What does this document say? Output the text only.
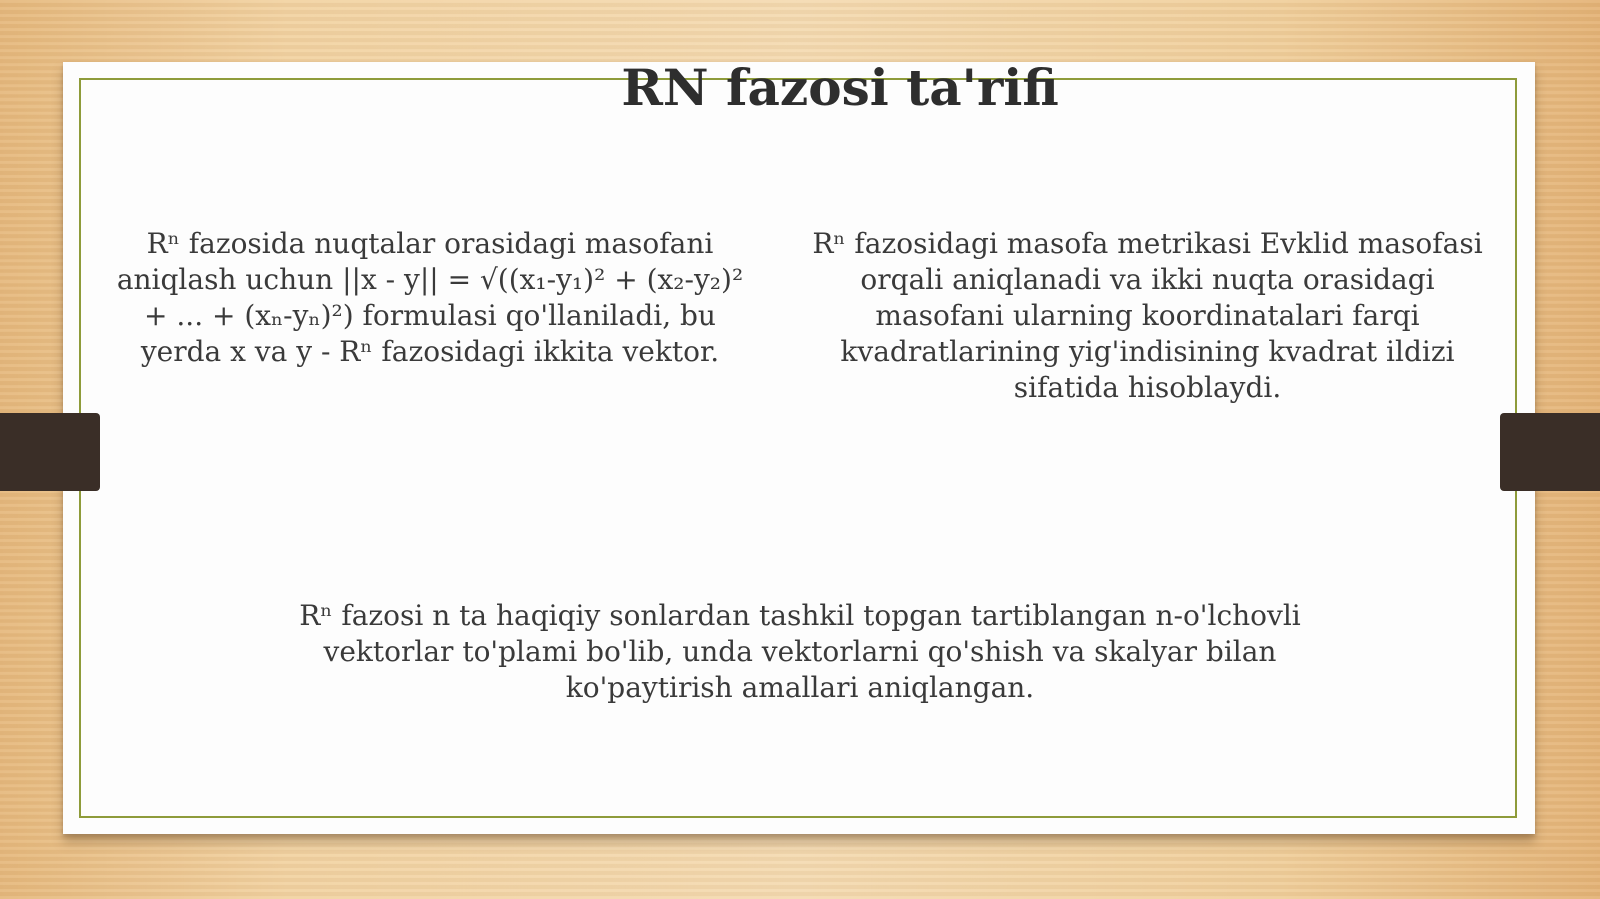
RN fazosi ta'rifi

Rⁿ fazosida nuqtalar orasidagi masofani aniqlash uchun ||x - y|| = √((x₁-y₁)² + (x₂-y₂)² + ... + (xₙ-yₙ)²) formulasi qo'llaniladi, bu yerda x va y - Rⁿ fazosidagi ikkita vektor.

Rⁿ fazosidagi masofa metrikasi Evklid masofasi orqali aniqlanadi va ikki nuqta orasidagi masofani ularning koordinatalari farqi kvadratlarining yig'indisining kvadrat ildizi sifatida hisoblaydi.

Rⁿ fazosi n ta haqiqiy sonlardan tashkil topgan tartiblangan n-o'lchovli vektorlar to'plami bo'lib, unda vektorlarni qo'shish va skalyar bilan ko'paytirish amallari aniqlangan.
